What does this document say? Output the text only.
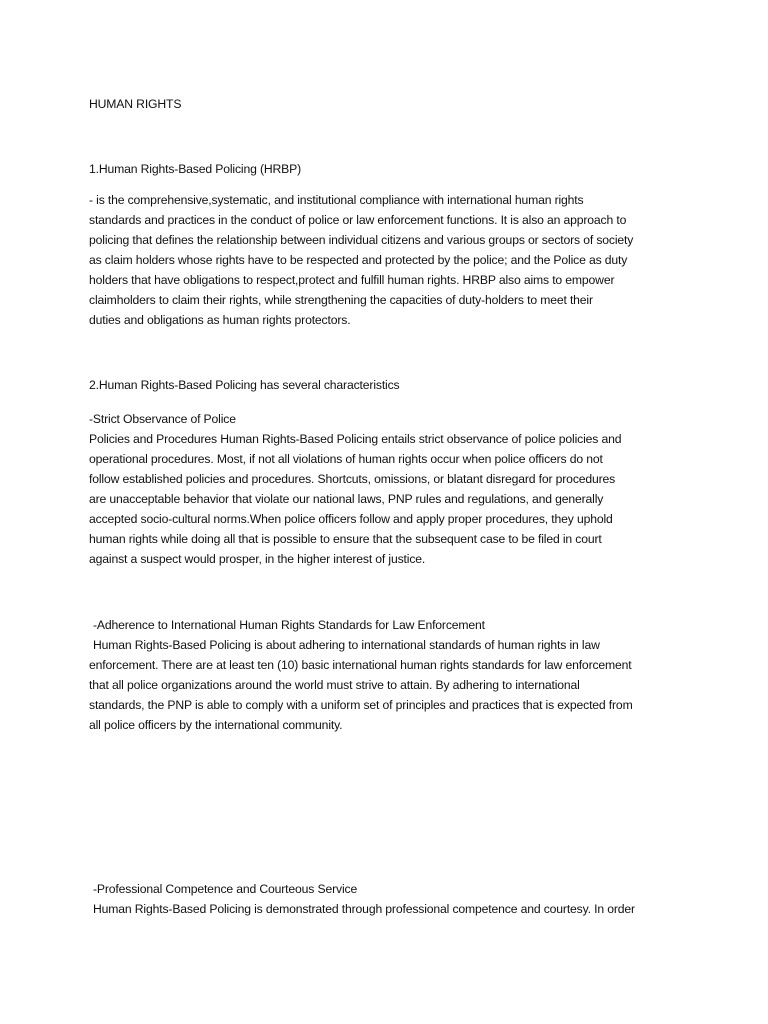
HUMAN RIGHTS
1.Human Rights-Based Policing (HRBP)
- is the comprehensive,systematic, and institutional compliance with international human rights
standards and practices in the conduct of police or law enforcement functions. It is also an approach to
policing that defines the relationship between individual citizens and various groups or sectors of society
as claim holders whose rights have to be respected and protected by the police; and the Police as duty
holders that have obligations to respect,protect and fulfill human rights. HRBP also aims to empower
claimholders to claim their rights, while strengthening the capacities of duty-holders to meet their
duties and obligations as human rights protectors.
2.Human Rights-Based Policing has several characteristics
-Strict Observance of Police
Policies and Procedures Human Rights-Based Policing entails strict observance of police policies and
operational procedures. Most, if not all violations of human rights occur when police officers do not
follow established policies and procedures. Shortcuts, omissions, or blatant disregard for procedures
are unacceptable behavior that violate our national laws, PNP rules and regulations, and generally
accepted socio-cultural norms.When police officers follow and apply proper procedures, they uphold
human rights while doing all that is possible to ensure that the subsequent case to be filed in court
against a suspect would prosper, in the higher interest of justice.
-Adherence to International Human Rights Standards for Law Enforcement
Human Rights-Based Policing is about adhering to international standards of human rights in law
enforcement. There are at least ten (10) basic international human rights standards for law enforcement
that all police organizations around the world must strive to attain. By adhering to international
standards, the PNP is able to comply with a uniform set of principles and practices that is expected from
all police officers by the international community.
-Professional Competence and Courteous Service
Human Rights-Based Policing is demonstrated through professional competence and courtesy. In order
